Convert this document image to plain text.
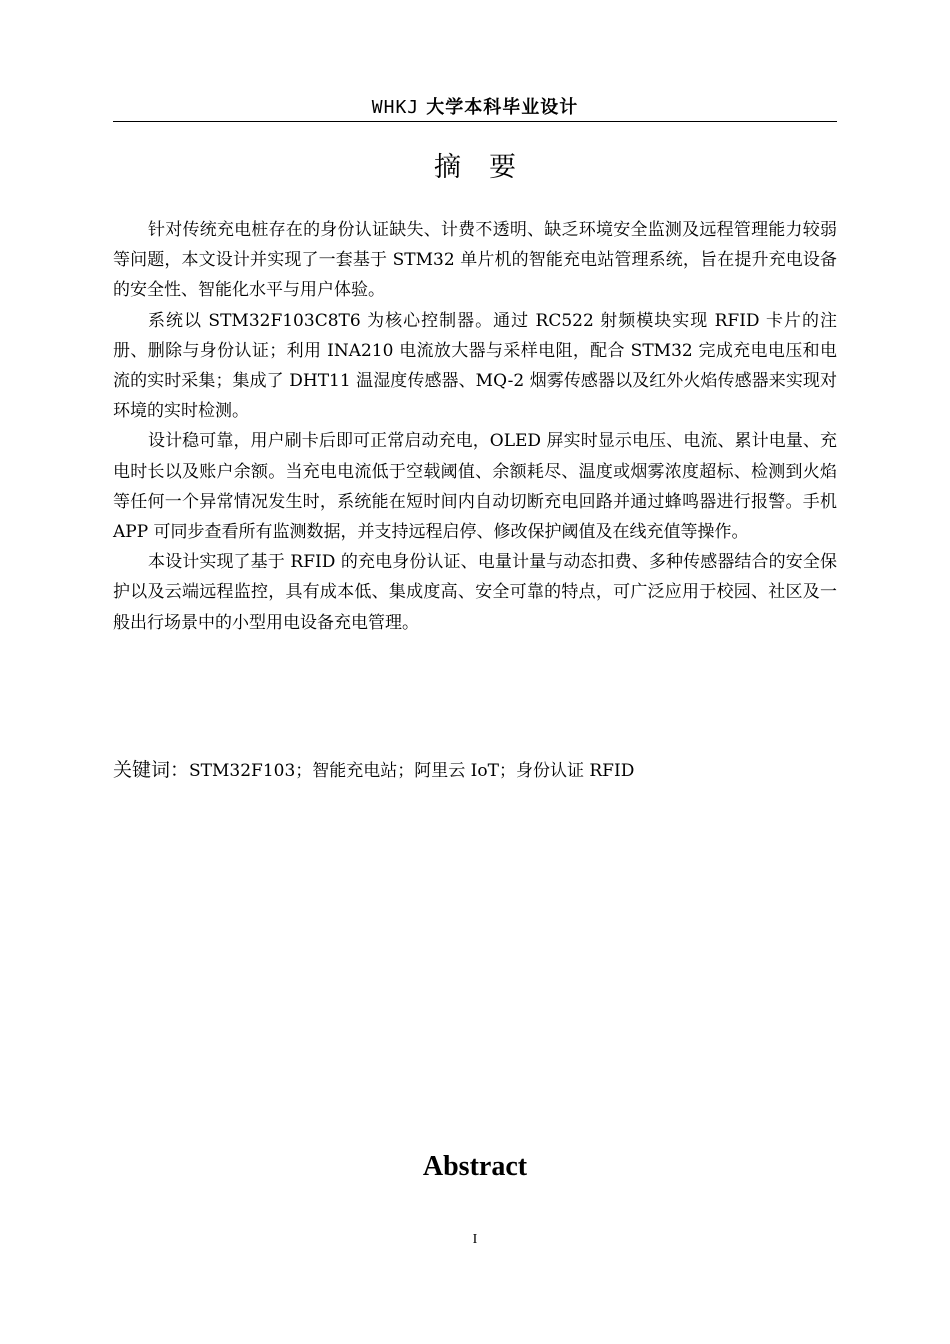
WHKJ 大学本科毕业设计
摘要

针对传统充电桩存在的身份认证缺失、计费不透明、缺乏环境安全监测及远程管理能力较弱等问题，本文设计并实现了一套基于 STM32 单片机的智能充电站管理系统，旨在提升充电设备的安全性、智能化水平与用户体验。

系统以 STM32F103C8T6 为核心控制器。通过 RC522 射频模块实现 RFID 卡片的注册、删除与身份认证；利用 INA210 电流放大器与采样电阻，配合 STM32 完成充电电压和电流的实时采集；集成了 DHT11 温湿度传感器、MQ-2 烟雾传感器以及红外火焰传感器来实现对环境的实时检测。

设计稳可靠，用户刷卡后即可正常启动充电，OLED 屏实时显示电压、电流、累计电量、充电时长以及账户余额。当充电电流低于空载阈值、余额耗尽、温度或烟雾浓度超标、检测到火焰等任何一个异常情况发生时，系统能在短时间内自动切断充电回路并通过蜂鸣器进行报警。手机 APP 可同步查看所有监测数据，并支持远程启停、修改保护阈值及在线充值等操作。

本设计实现了基于 RFID 的充电身份认证、电量计量与动态扣费、多种传感器结合的安全保护以及云端远程监控，具有成本低、集成度高、安全可靠的特点，可广泛应用于校园、社区及一般出行场景中的小型用电设备充电管理。

关键词：STM32F103；智能充电站；阿里云 IoT；身份认证 RFID
Abstract
I
